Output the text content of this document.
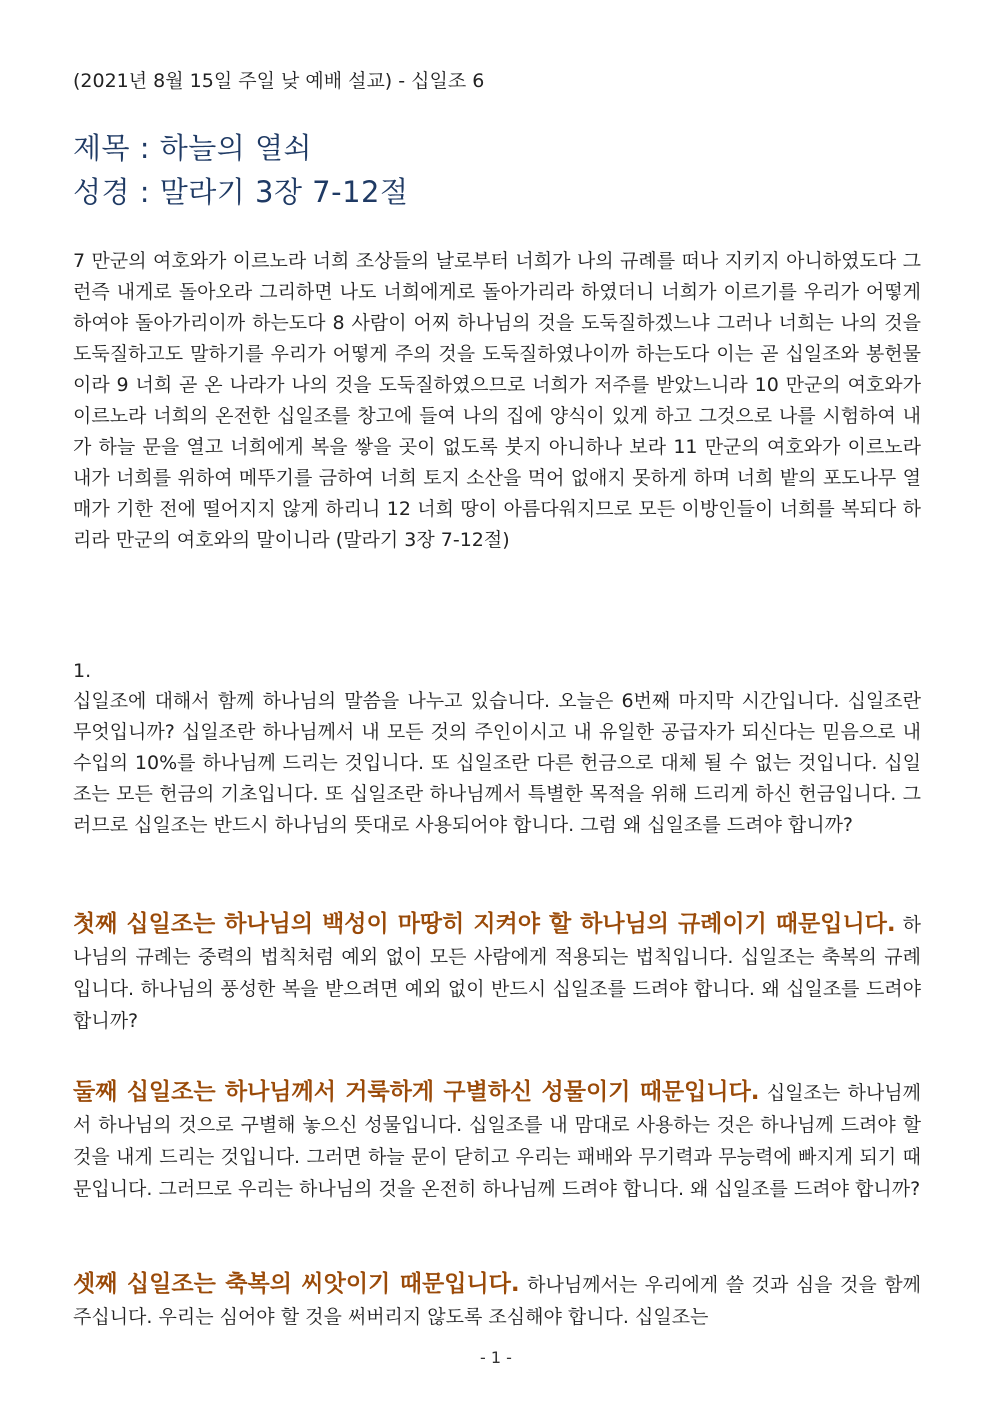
(2021년 8월 15일 주일 낮 예배 설교) - 십일조 6
제목 : 하늘의 열쇠
성경 : 말라기 3장 7-12절
7 만군의 여호와가 이르노라 너희 조상들의 날로부터 너희가 나의 규례를 떠나 지키지 아니하였도다 그런즉 내게로 돌아오라 그리하면 나도 너희에게로 돌아가리라 하였더니 너희가 이르기를 우리가 어떻게 하여야 돌아가리이까 하는도다 8 사람이 어찌 하나님의 것을 도둑질하겠느냐 그러나 너희는 나의 것을 도둑질하고도 말하기를 우리가 어떻게 주의 것을 도둑질하였나이까 하는도다 이는 곧 십일조와 봉헌물이라 9 너희 곧 온 나라가 나의 것을 도둑질하였으므로 너희가 저주를 받았느니라 10 만군의 여호와가 이르노라 너희의 온전한 십일조를 창고에 들여 나의 집에 양식이 있게 하고 그것으로 나를 시험하여 내가 하늘 문을 열고 너희에게 복을 쌓을 곳이 없도록 붓지 아니하나 보라 11 만군의 여호와가 이르노라 내가 너희를 위하여 메뚜기를 금하여 너희 토지 소산을 먹어 없애지 못하게 하며 너희 밭의 포도나무 열매가 기한 전에 떨어지지 않게 하리니 12 너희 땅이 아름다워지므로 모든 이방인들이 너희를 복되다 하리라 만군의 여호와의 말이니라 (말라기 3장 7-12절)
1.
십일조에 대해서 함께 하나님의 말씀을 나누고 있습니다. 오늘은 6번째 마지막 시간입니다. 십일조란 무엇입니까? 십일조란 하나님께서 내 모든 것의 주인이시고 내 유일한 공급자가 되신다는 믿음으로 내 수입의 10%를 하나님께 드리는 것입니다. 또 십일조란 다른 헌금으로 대체 될 수 없는 것입니다. 십일조는 모든 헌금의 기초입니다. 또 십일조란 하나님께서 특별한 목적을 위해 드리게 하신 헌금입니다. 그러므로 십일조는 반드시 하나님의 뜻대로 사용되어야 합니다. 그럼 왜 십일조를 드려야 합니까?
첫째 십일조는 하나님의 백성이 마땅히 지켜야 할 하나님의 규례이기 때문입니다. 하나님의 규례는 중력의 법칙처럼 예외 없이 모든 사람에게 적용되는 법칙입니다. 십일조는 축복의 규례입니다. 하나님의 풍성한 복을 받으려면 예외 없이 반드시 십일조를 드려야 합니다. 왜 십일조를 드려야 합니까?
둘째 십일조는 하나님께서 거룩하게 구별하신 성물이기 때문입니다. 십일조는 하나님께서 하나님의 것으로 구별해 놓으신 성물입니다. 십일조를 내 맘대로 사용하는 것은 하나님께 드려야 할 것을 내게 드리는 것입니다. 그러면 하늘 문이 닫히고 우리는 패배와 무기력과 무능력에 빠지게 되기 때문입니다. 그러므로 우리는 하나님의 것을 온전히 하나님께 드려야 합니다. 왜 십일조를 드려야 합니까?
셋째 십일조는 축복의 씨앗이기 때문입니다. 하나님께서는 우리에게 쓸 것과 심을 것을 함께 주십니다. 우리는 심어야 할 것을 써버리지 않도록 조심해야 합니다. 십일조는
- 1 -
